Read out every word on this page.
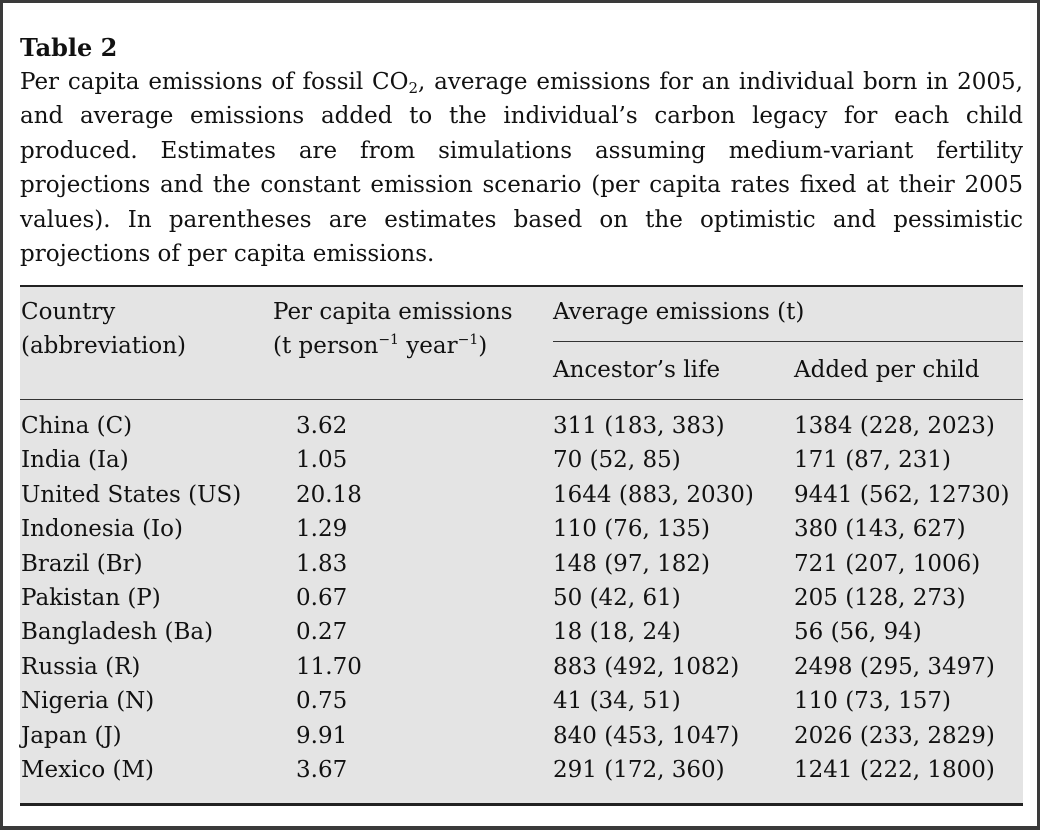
Table 2

Per capita emissions of fossil $CO_2$, average emissions for an individual born in 2005, and average emissions added to the individual’s carbon legacy for each child produced. Estimates are from simulations assuming medium-variant fertility projections and the constant emission scenario (per capita rates fixed at their 2005 values). In parentheses are estimates based on the optimistic and pessimistic projections of per capita emissions.

Country
(abbreviation)
Per capita emissions
(t person$^{-1}$ year$^{-1}$)
Average emissions (t)
Ancestor’s life	Added per child
China (C)	3.62	311 (183, 383)	1384 (228, 2023)
India (Ia)	1.05	70 (52, 85)	171 (87, 231)
United States (US) 20.18	1644 (883, 2030) 9441 (562, 12730)
Indonesia (Io)	1.29	110 (76, 135)	380 (143, 627)
Brazil (Br)	1.83	148 (97, 182)	721 (207, 1006)
Pakistan (P)	0.67	50 (42, 61)	205 (128, 273)
Bangladesh (Ba)	0.27	18 (18, 24)	56 (56, 94)
Russia (R)	11.70	883 (492, 1082) 2498 (295, 3497)
Nigeria (N)	0.75	41 (34, 51)	110 (73, 157)
Japan (J)	9.91	840 (453, 1047) 2026 (233, 2829)
Mexico (M)	3.67	291 (172, 360)	1241 (222, 1800)
